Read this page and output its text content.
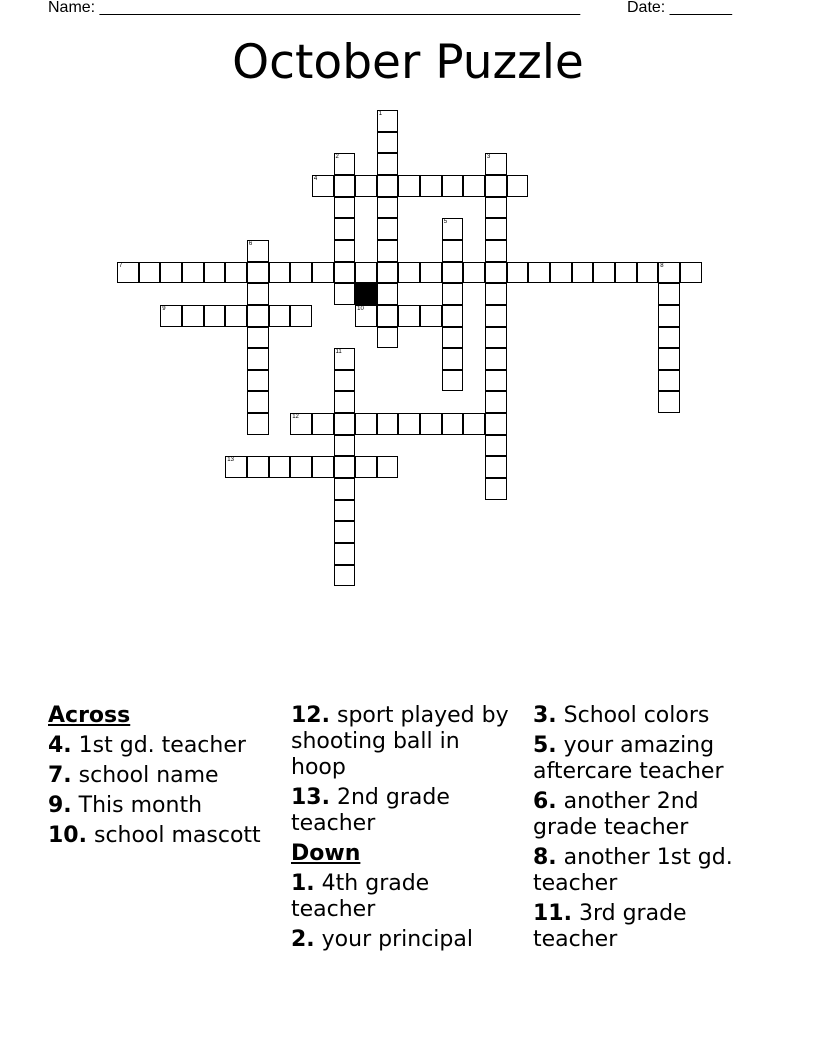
Name: ______________________________________________________	Date: _______
October Puzzle
1
2	3
4
5
6
7	8
9	10
11
12
13
Across
4. 1st gd. teacher
7. school name
9. This month
10. school mascott
12. sport played by shooting ball in hoop
13. 2nd grade teacher
Down
1. 4th grade teacher
2. your principal
3. School colors
5. your amazing aftercare teacher
6. another 2nd grade teacher
8. another 1st gd. teacher
11. 3rd grade teacher
